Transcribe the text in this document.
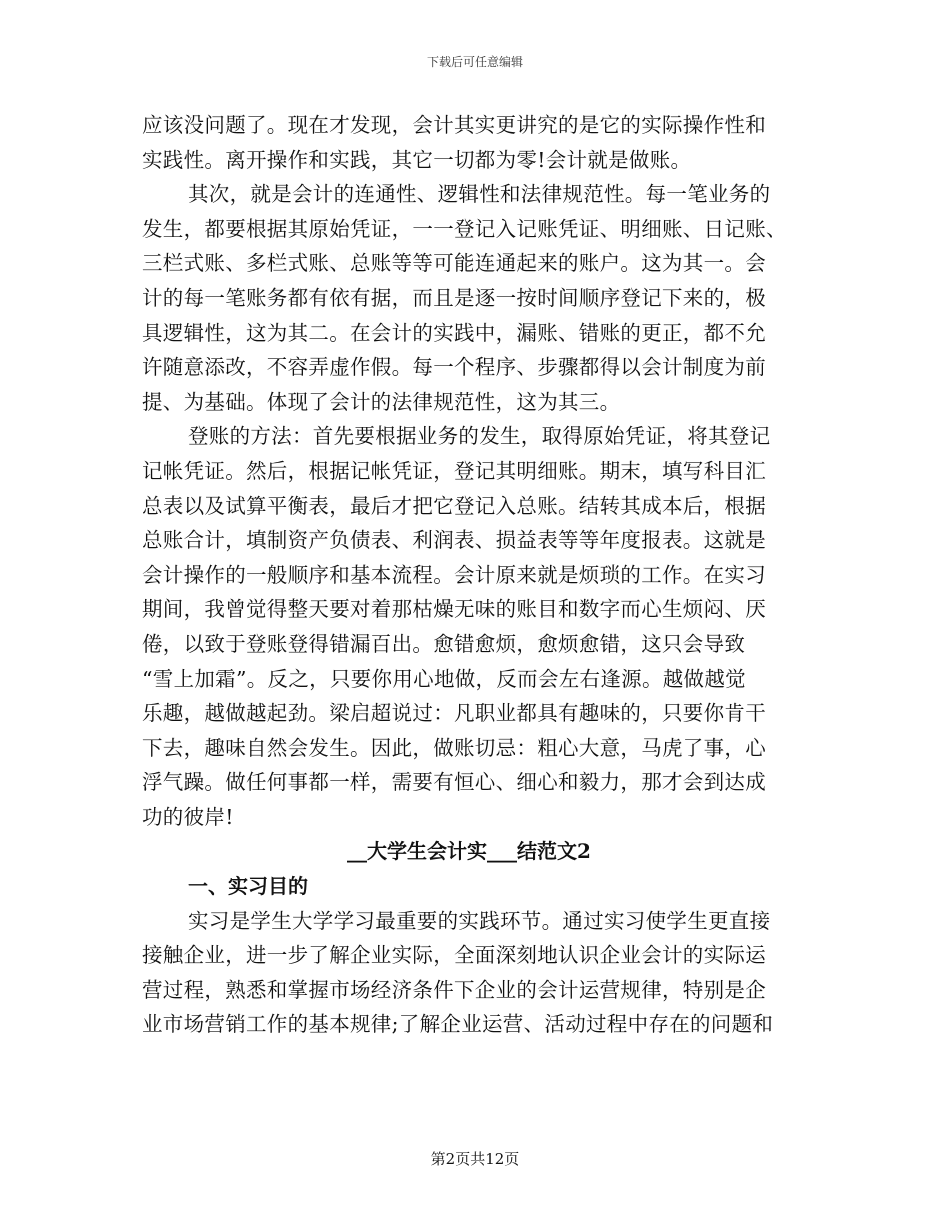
下载后可任意编辑
应该没问题了。现在才发现，会计其实更讲究的是它的实际操作性和
实践性。离开操作和实践，其它一切都为零!会计就是做账。
其次，就是会计的连通性、逻辑性和法律规范性。每一笔业务的
发生，都要根据其原始凭证，一一登记入记账凭证、明细账、日记账、
三栏式账、多栏式账、总账等等可能连通起来的账户。这为其一。会
计的每一笔账务都有依有据，而且是逐一按时间顺序登记下来的，极
具逻辑性，这为其二。在会计的实践中，漏账、错账的更正，都不允
许随意添改，不容弄虚作假。每一个程序、步骤都得以会计制度为前
提、为基础。体现了会计的法律规范性，这为其三。
登账的方法：首先要根据业务的发生，取得原始凭证，将其登记
记帐凭证。然后，根据记帐凭证，登记其明细账。期末，填写科目汇
总表以及试算平衡表，最后才把它登记入总账。结转其成本后，根据
总账合计，填制资产负债表、利润表、损益表等等年度报表。这就是
会计操作的一般顺序和基本流程。会计原来就是烦琐的工作。在实习
期间，我曾觉得整天要对着那枯燥无味的账目和数字而心生烦闷、厌
倦，以致于登账登得错漏百出。愈错愈烦，愈烦愈错，这只会导致
“雪上加霜”。反之，只要你用心地做，反而会左右逢源。越做越觉
乐趣，越做越起劲。梁启超说过：凡职业都具有趣味的，只要你肯干
下去，趣味自然会发生。因此，做账切忌：粗心大意，马虎了事，心
浮气躁。做任何事都一样，需要有恒心、细心和毅力，那才会到达成
功的彼岸!
__大学生会计实___结范文2
一、实习目的
实习是学生大学学习最重要的实践环节。通过实习使学生更直接
接触企业，进一步了解企业实际，全面深刻地认识企业会计的实际运
营过程，熟悉和掌握市场经济条件下企业的会计运营规律，特别是企
业市场营销工作的基本规律;了解企业运营、活动过程中存在的问题和
第2页共12页
